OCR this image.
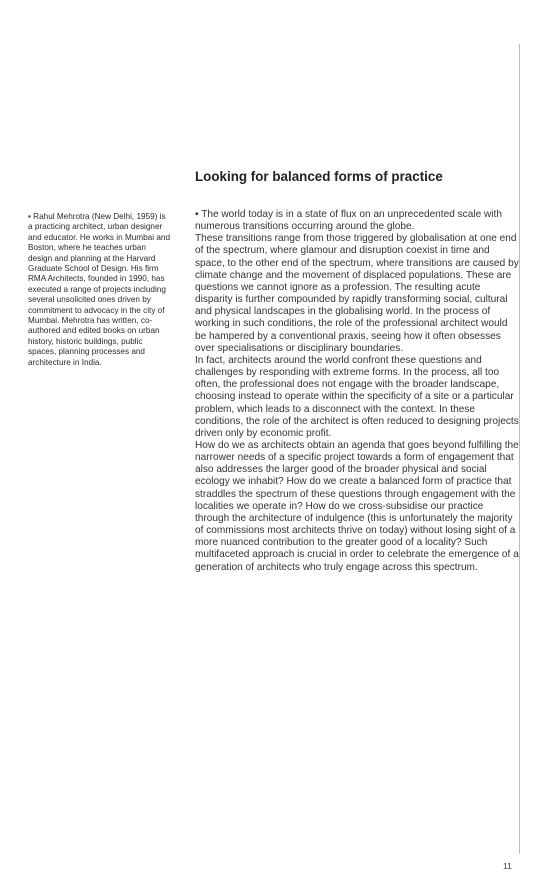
▪ Rahul Mehrotra (New Delhi, 1959) is a practicing architect, urban designer and educator. He works in Mumbai and Boston, where he teaches urban design and planning at the Harvard Graduate School of Design. His firm RMA Architects, founded in 1990, has executed a range of projects including several unsolicited ones driven by commitment to advocacy in the city of Mumbai. Mehrotra has written, co-authored and edited books on urban history, historic buildings, public spaces, planning processes and architecture in India.
Looking for balanced forms of practice

▪ The world today is in a state of flux on an unprecedented scale with numerous transitions occurring around the globe.

These transitions range from those triggered by globalisation at one end of the spectrum, where glamour and disruption coexist in time and space, to the other end of the spectrum, where transitions are caused by climate change and the movement of displaced populations. These are questions we cannot ignore as a profession. The resulting acute disparity is further compounded by rapidly transforming social, cultural and physical landscapes in the globalising world. In the process of working in such conditions, the role of the professional architect would be hampered by a conventional praxis, seeing how it often obsesses over specialisations or disciplinary boundaries.

In fact, architects around the world confront these questions and challenges by responding with extreme forms. In the process, all too often, the professional does not engage with the broader landscape, choosing instead to operate within the specificity of a site or a particular problem, which leads to a disconnect with the context. In these conditions, the role of the architect is often reduced to designing projects driven only by economic profit.

How do we as architects obtain an agenda that goes beyond fulfilling the narrower needs of a specific project towards a form of engagement that also addresses the larger good of the broader physical and social ecology we inhabit? How do we create a balanced form of practice that straddles the spectrum of these questions through engagement with the localities we operate in? How do we cross-subsidise our practice through the architecture of indulgence (this is unfortunately the majority of commissions most architects thrive on today) without losing sight of a more nuanced contribution to the greater good of a locality? Such multifaceted approach is crucial in order to celebrate the emergence of a generation of architects who truly engage across this spectrum.

11
